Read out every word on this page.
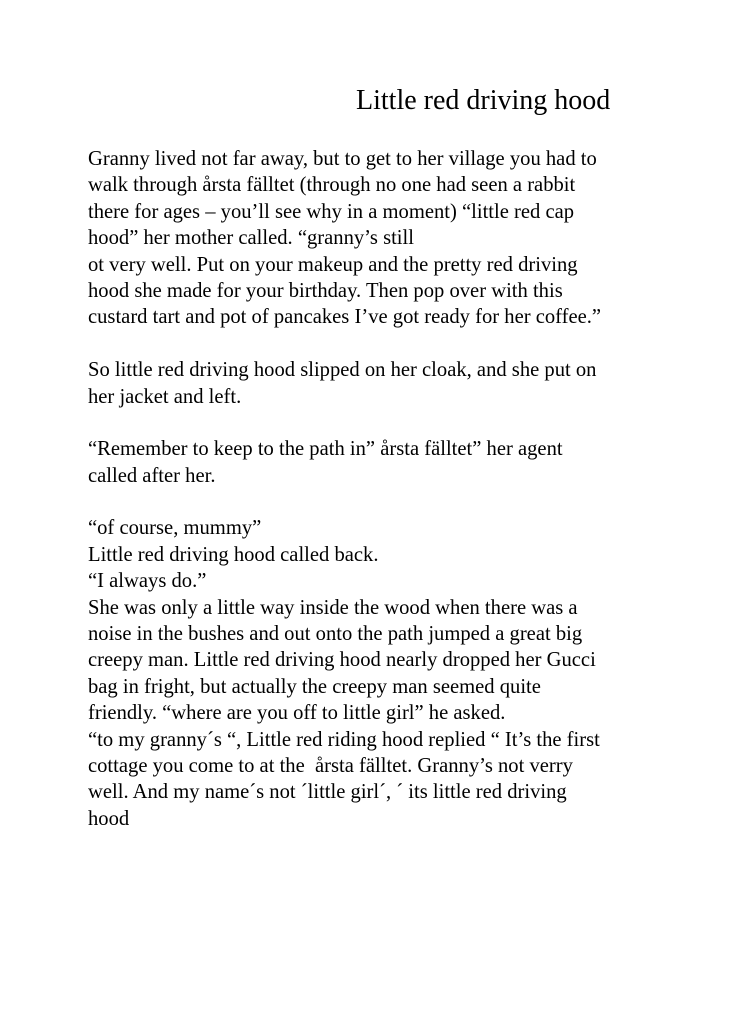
Little red driving hood
Granny lived not far away, but to get to her village you had to
walk through årsta fälltet (through no one had seen a rabbit
there for ages – you’ll see why in a moment) “little red cap
hood” her mother called. “granny’s still
ot very well. Put on your makeup and the pretty red driving
hood she made for your birthday. Then pop over with this
custard tart and pot of pancakes I’ve got ready for her coffee.”
So little red driving hood slipped on her cloak, and she put on
her jacket and left.
“Remember to keep to the path in” årsta fälltet” her agent
called after her.
“of course, mummy”
Little red driving hood called back.
“I always do.”
She was only a little way inside the wood when there was a
noise in the bushes and out onto the path jumped a great big
creepy man. Little red driving hood nearly dropped her Gucci
bag in fright, but actually the creepy man seemed quite
friendly. “where are you off to little girl” he asked.
“to my granny´s “, Little red riding hood replied “ It’s the first
cottage you come to at the  årsta fälltet. Granny’s not verry
well. And my name´s not ´little girl´, ´ its little red driving
hood
